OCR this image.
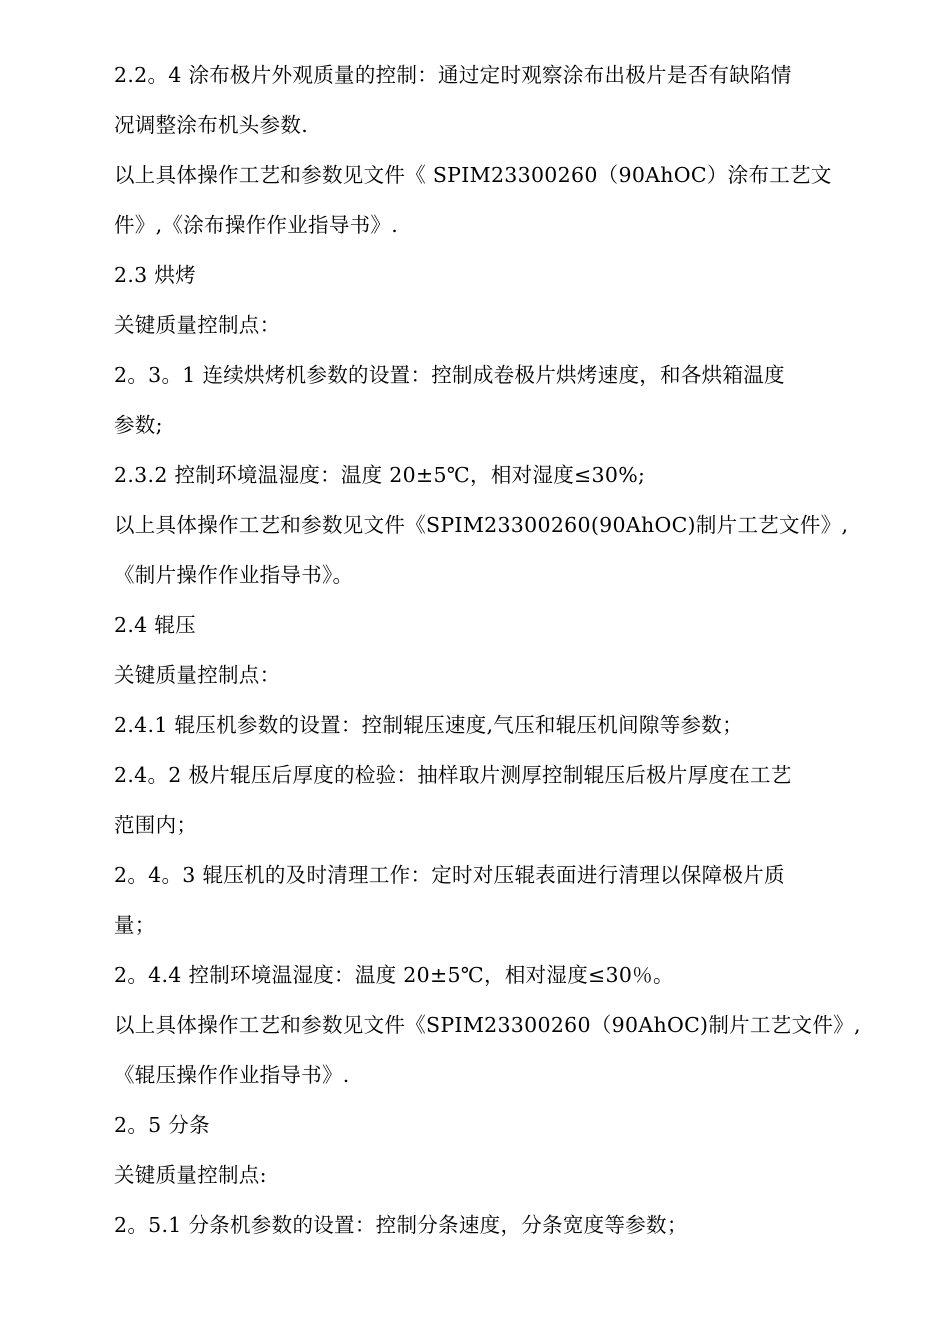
2.2。4 涂布极片外观质量的控制：通过定时观察涂布出极片是否有缺陷情
况调整涂布机头参数.
以上具体操作工艺和参数见文件《 SPIM23300260（90AhOC）涂布工艺文
件》,《涂布操作作业指导书》.
2.3 烘烤
关键质量控制点：
2。3。1 连续烘烤机参数的设置：控制成卷极片烘烤速度，和各烘箱温度
参数;
2.3.2 控制环境温湿度：温度 20±5℃，相对湿度≤30%;
以上具体操作工艺和参数见文件《SPIM23300260(90AhOC)制片工艺文件》,
《制片操作作业指导书》。
2.4 辊压
关键质量控制点：
2.4.1 辊压机参数的设置：控制辊压速度,气压和辊压机间隙等参数；
2.4。2 极片辊压后厚度的检验：抽样取片测厚控制辊压后极片厚度在工艺
范围内；
2。4。3 辊压机的及时清理工作：定时对压辊表面进行清理以保障极片质
量；
2。4.4 控制环境温湿度：温度 20±5℃，相对湿度≤30％。
以上具体操作工艺和参数见文件《SPIM23300260（90AhOC)制片工艺文件》,
《辊压操作作业指导书》.
2。5 分条
关键质量控制点:
2。5.1 分条机参数的设置：控制分条速度，分条宽度等参数；
